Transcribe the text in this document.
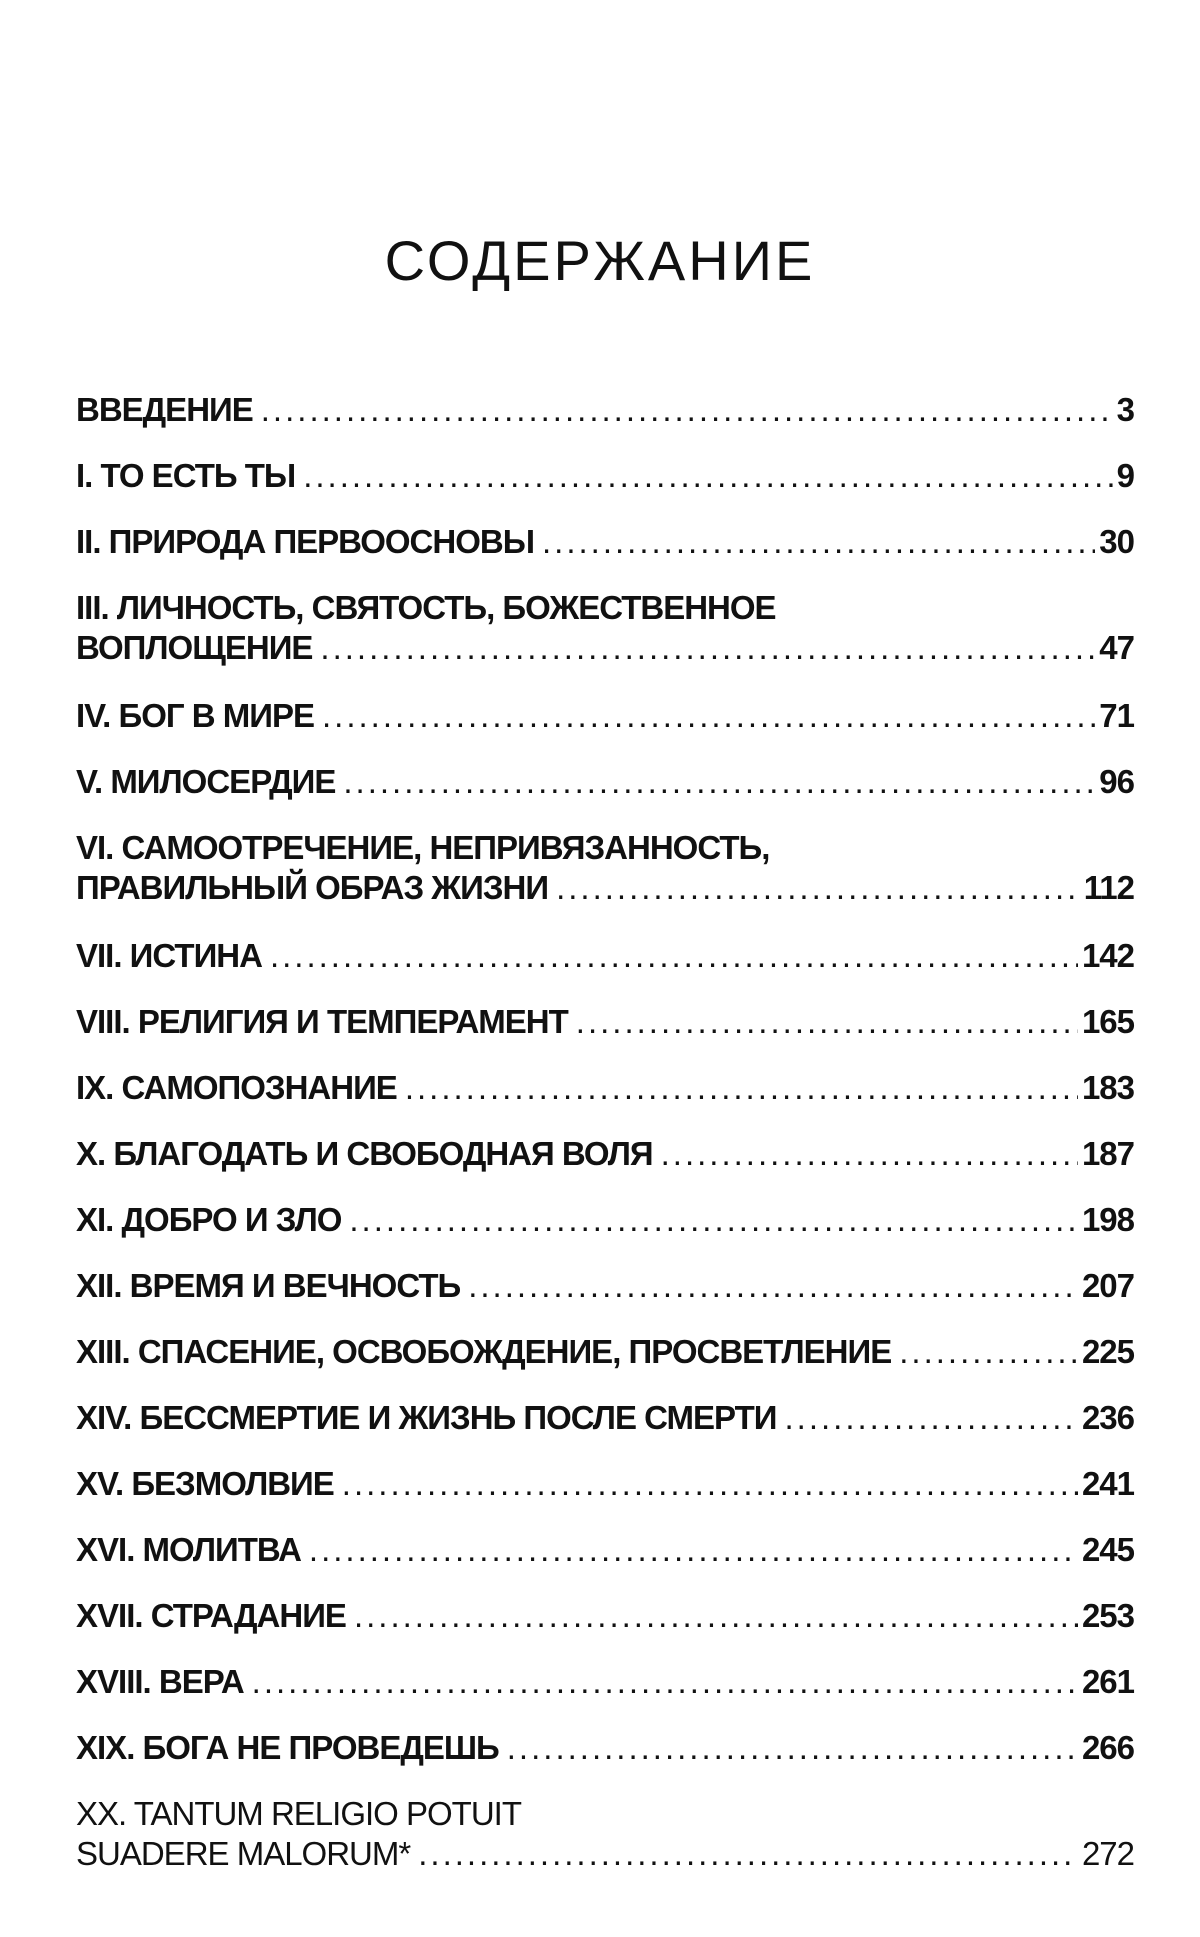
СОДЕРЖАНИЕ
ВВЕДЕНИЕ .....	3
I. ТО ЕСТЬ ТЫ .....	9
II. ПРИРОДА ПЕРВООСНОВЫ .....	30
III. ЛИЧНОСТЬ, СВЯТОСТЬ, БОЖЕСТВЕННОЕ
ВОПЛОЩЕНИЕ .....	47
IV. БОГ В МИРЕ .....	71
V. МИЛОСЕРДИЕ .....	96
VI. САМООТРЕЧЕНИЕ, НЕПРИВЯЗАННОСТЬ,
ПРАВИЛЬНЫЙ ОБРАЗ ЖИЗНИ .....	112
VII. ИСТИНА .....	142
VIII. РЕЛИГИЯ И ТЕМПЕРАМЕНТ .....	165
IX. САМОПОЗНАНИЕ .....	183
X. БЛАГОДАТЬ И СВОБОДНАЯ ВОЛЯ .....	187
XI. ДОБРО И ЗЛО .....	198
XII. ВРЕМЯ И ВЕЧНОСТЬ .....	207
XIII. СПАСЕНИЕ, ОСВОБОЖДЕНИЕ, ПРОСВЕТЛЕНИЕ .....	225
XIV. БЕССМЕРТИЕ И ЖИЗНЬ ПОСЛЕ СМЕРТИ .....	236
XV. БЕЗМОЛВИЕ .....	241
XVI. МОЛИТВА .....	245
XVII. СТРАДАНИЕ .....	253
XVIII. ВЕРА .....	261
XIX. БОГА НЕ ПРОВЕДЕШЬ .....	266
XX. TANTUM RELIGIO POTUIT
SUADERE MALORUM* .....	272
